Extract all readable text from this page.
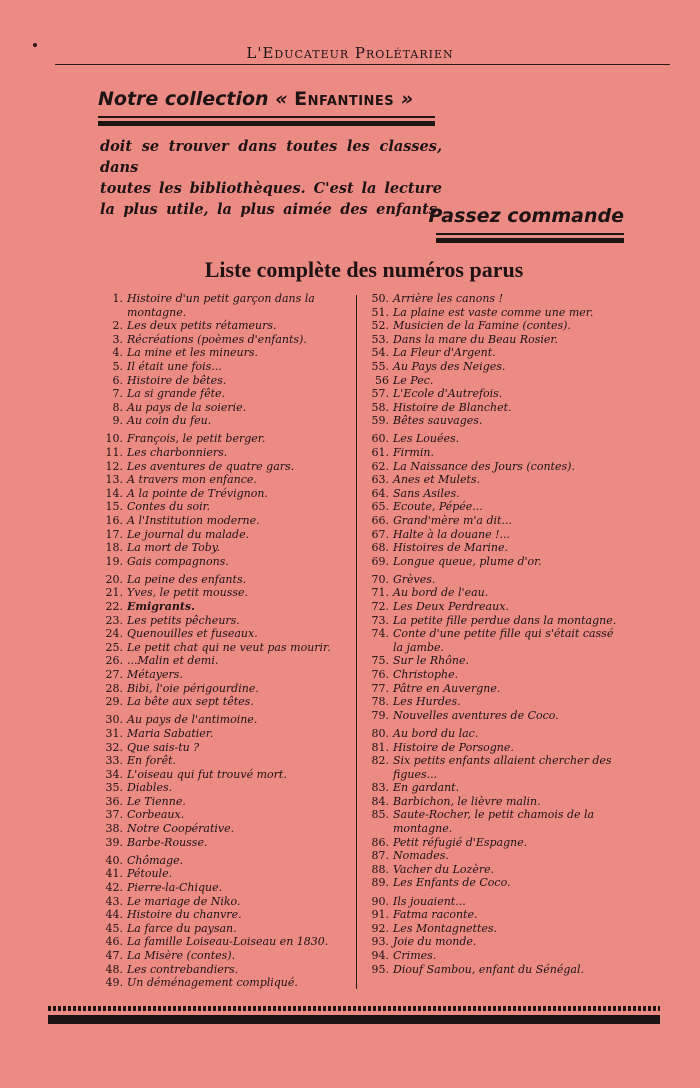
L'Educateur Prolétarien
Notre collection « Enfantines »
doit se trouver dans toutes les classes, dans
toutes les bibliothèques. C'est la lecture
la plus utile, la plus aimée des enfants.
Passez commande
Liste complète des numéros parus
1. Histoire d'un petit garçon dans la montagne.
2. Les deux petits rétameurs.
3. Récréations (poèmes d'enfants).
4. La mine et les mineurs.
5. Il était une fois...
6. Histoire de bêtes.
7. La si grande fête.
8. Au pays de la soierie.
9. Au coin du feu.
10. François, le petit berger.
11. Les charbonniers.
12. Les aventures de quatre gars.
13. A travers mon enfance.
14. A la pointe de Trévignon.
15. Contes du soir.
16. A l'Institution moderne.
17. Le journal du malade.
18. La mort de Toby.
19. Gais compagnons.
20. La peine des enfants.
21. Yves, le petit mousse.
22. Emigrants.
23. Les petits pêcheurs.
24. Quenouilles et fuseaux.
25. Le petit chat qui ne veut pas mourir.
26. ...Malin et demi.
27. Métayers.
28. Bibi, l'oie périgourdine.
29. La bête aux sept têtes.
30. Au pays de l'antimoine.
31. Maria Sabatier.
32. Que sais-tu ?
33. En forêt.
34. L'oiseau qui fut trouvé mort.
35. Diables.
36. Le Tienne.
37. Corbeaux.
38. Notre Coopérative.
39. Barbe-Rousse.
40. Chômage.
41. Pétoule.
42. Pierre-la-Chique.
43. Le mariage de Niko.
44. Histoire du chanvre.
45. La farce du paysan.
46. La famille Loiseau-Loiseau en 1830.
47. La Misère (contes).
48. Les contrebandiers.
49. Un déménagement compliqué.
50. Arrière les canons !
51. La plaine est vaste comme une mer.
52. Musicien de la Famine (contes).
53. Dans la mare du Beau Rosier.
54. La Fleur d'Argent.
55. Au Pays des Neiges.
56 Le Pec.
57. L'Ecole d'Autrefois.
58. Histoire de Blanchet.
59. Bêtes sauvages.
60. Les Louées.
61. Firmin.
62. La Naissance des Jours (contes).
63. Anes et Mulets.
64. Sans Asiles.
65. Ecoute, Pépée...
66. Grand'mère m'a dit...
67. Halte à la douane !...
68. Histoires de Marine.
69. Longue queue, plume d'or.
70. Grèves.
71. Au bord de l'eau.
72. Les Deux Perdreaux.
73. La petite fille perdue dans la montagne.
74. Conte d'une petite fille qui s'était cassé la jambe.
75. Sur le Rhône.
76. Christophe.
77. Pâtre en Auvergne.
78. Les Hurdes.
79. Nouvelles aventures de Coco.
80. Au bord du lac.
81. Histoire de Porsogne.
82. Six petits enfants allaient chercher des figues...
83. En gardant.
84. Barbichon, le lièvre malin.
85. Saute-Rocher, le petit chamois de la montagne.
86. Petit réfugié d'Espagne.
87. Nomades.
88. Vacher du Lozère.
89. Les Enfants de Coco.
90. Ils jouaient...
91. Fatma raconte.
92. Les Montagnettes.
93. Joie du monde.
94. Crimes.
95. Diouf Sambou, enfant du Sénégal.
